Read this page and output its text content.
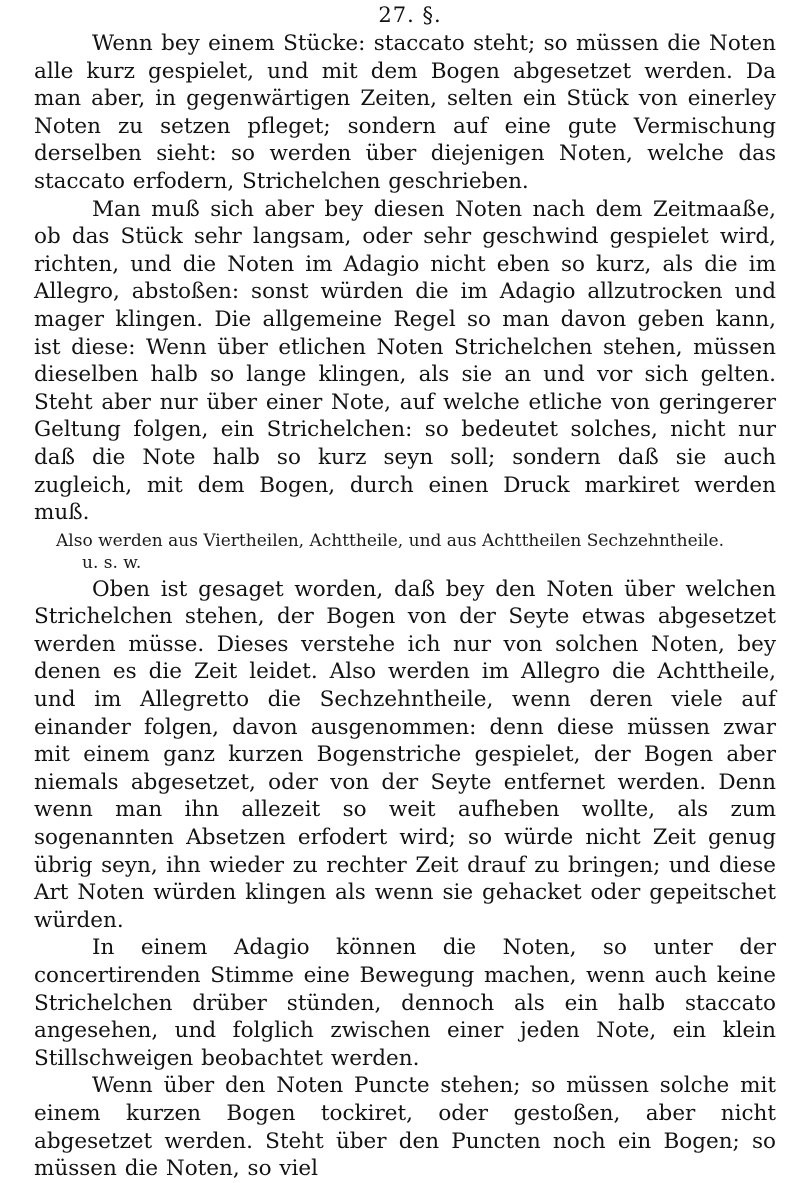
27. §.

Wenn bey einem Stücke: staccato steht; so müssen die Noten alle kurz gespielet, und mit dem Bogen abgesetzet werden. Da man aber, in gegenwärtigen Zeiten, selten ein Stück von einerley Noten zu setzen pfleget; sondern auf eine gute Vermischung derselben sieht: so werden über diejenigen Noten, welche das staccato erfodern, Strichelchen geschrieben.

Man muß sich aber bey diesen Noten nach dem Zeitmaaße, ob das Stück sehr langsam, oder sehr geschwind gespielet wird, richten, und die Noten im Adagio nicht eben so kurz, als die im Allegro, abstoßen: sonst würden die im Adagio allzutrocken und mager klingen. Die allgemeine Regel so man davon geben kann, ist diese: Wenn über etlichen Noten Strichelchen stehen, müssen dieselben halb so lange klingen, als sie an und vor sich gelten. Steht aber nur über einer Note, auf welche etliche von geringerer Geltung folgen, ein Strichelchen: so bedeutet solches, nicht nur daß die Note halb so kurz seyn soll; sondern daß sie auch zugleich, mit dem Bogen, durch einen Druck markiret werden muß.

Also werden aus Viertheilen, Achttheile, und aus Achttheilen Sechzehntheile.
u. s. w.

Oben ist gesaget worden, daß bey den Noten über welchen Strichelchen stehen, der Bogen von der Seyte etwas abgesetzet werden müsse. Dieses verstehe ich nur von solchen Noten, bey denen es die Zeit leidet. Also werden im Allegro die Achttheile, und im Allegretto die Sechzehntheile, wenn deren viele auf einander folgen, davon ausgenommen: denn diese müssen zwar mit einem ganz kurzen Bogenstriche gespielet, der Bogen aber niemals abgesetzet, oder von der Seyte entfernet werden. Denn wenn man ihn allezeit so weit aufheben wollte, als zum sogenannten Absetzen erfodert wird; so würde nicht Zeit genug übrig seyn, ihn wieder zu rechter Zeit drauf zu bringen; und diese Art Noten würden klingen als wenn sie gehacket oder gepeitschet würden.

In einem Adagio können die Noten, so unter der concertirenden Stimme eine Bewegung machen, wenn auch keine Strichelchen drüber stünden, dennoch als ein halb staccato angesehen, und folglich zwischen einer jeden Note, ein klein Stillschweigen beobachtet werden.

Wenn über den Noten Puncte stehen; so müssen solche mit einem kurzen Bogen tockiret, oder gestoßen, aber nicht abgesetzet werden. Steht über den Puncten noch ein Bogen; so müssen die Noten, so viel
